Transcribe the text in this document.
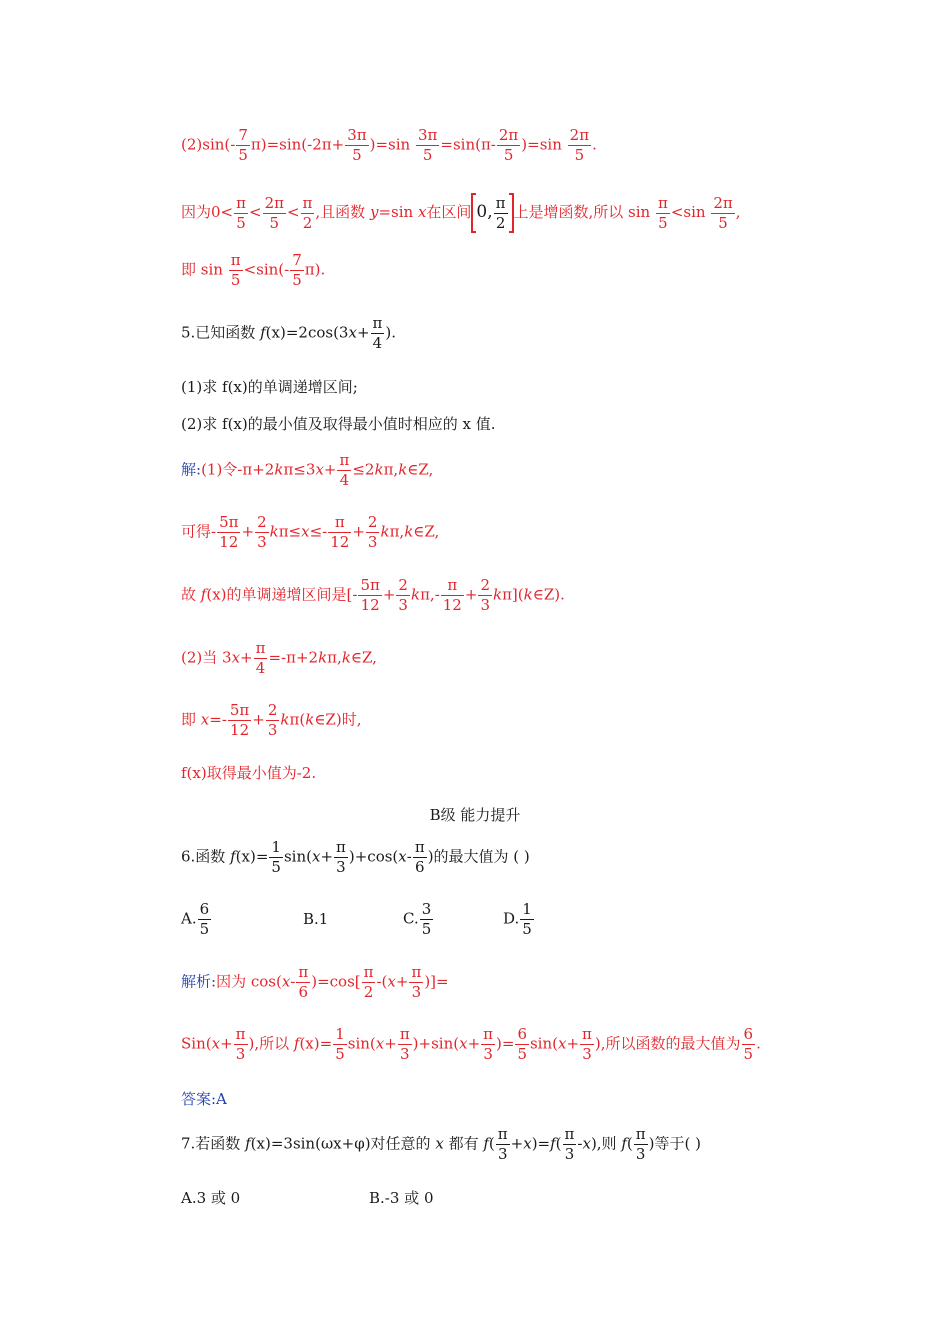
$(2)\sin(- \frac{7}{5} \pi)=\sin(-2\pi+ \frac{3\pi}{5} )=\sin \frac{3\pi}{5} =\sin(\pi- \frac{2\pi}{5} )=\sin \frac{2\pi}{5}$ .
因为$0< \frac{\pi}{5} < \frac{2\pi}{5} < \frac{\pi}{2}$ ,且函数 y=sin x在区间 0, $\frac{\pi}{2}$ 上是增函数,所以 $\sin \frac{\pi}{5} <\sin \frac{2\pi}{5}$ ,
即 $\sin \frac{\pi}{5} <\sin(- \frac{7}{5} \pi)$.
5.已知函数 $f(x)=2\cos(3x+ \frac{\pi}{4}$ ).
(1)求 f(x)的单调递增区间;
(2)求 f(x)的最小值及取得最小值时相应的 x 值.
解:(1)令$-\pi+2k\pi\le 3x+ \frac{\pi}{4}$ ≤2kπ,k∈Z,
可得- $\frac{5\pi}{12} + \frac{2}{3} k\pi\le x\le- \frac{\pi}{12} + \frac{2}{3}$ kπ,k∈Z,
故 f(x)的单调递增区间是[- $\frac{5\pi}{12} + \frac{2}{3} k\pi,- \frac{\pi}{12} + \frac{2}{3}$ kπ](k∈Z).
(2)当 $3x+ \frac{\pi}{4}$ =-π+2kπ,k∈Z,
即 $x=- \frac{5\pi}{12} + \frac{2}{3}$ kπ(k∈Z)时,
f(x)取得最小值为-2.
B级 能力提升
6.函数 $f(x)= \frac{1}{5} \sin(x+ \frac{\pi}{3} )+\cos(x- \frac{\pi}{6}$ )的最大值为 ( )
A. $\frac{6}{5}$	B.1	C. $\frac{3}{5}$	D. $\frac{1}{5}$
解析:因为 $\cos(x- \frac{\pi}{6} )=\cos[ \frac{\pi}{2} -(x+ \frac{\pi}{3}$ )]=
$Sin(x+ \frac{\pi}{3}$ ),所以 $f(x)= \frac{1}{5} \sin(x+ \frac{\pi}{3} )+\sin(x+ \frac{\pi}{3}$ )= $\frac{6}{5} \sin(x+ \frac{\pi}{3}$ ),所以函数的最大值为 $\frac{6}{5}$ .
答案:A
7.若函数 f(x)=3sin(ωx+φ)对任意的 x 都有 $f( \frac{\pi}{3} +x)=f( \frac{\pi}{3} -x)$,则 $f( \frac{\pi}{3}$ )等于( )
A.3 或 0	B.-3 或 0
